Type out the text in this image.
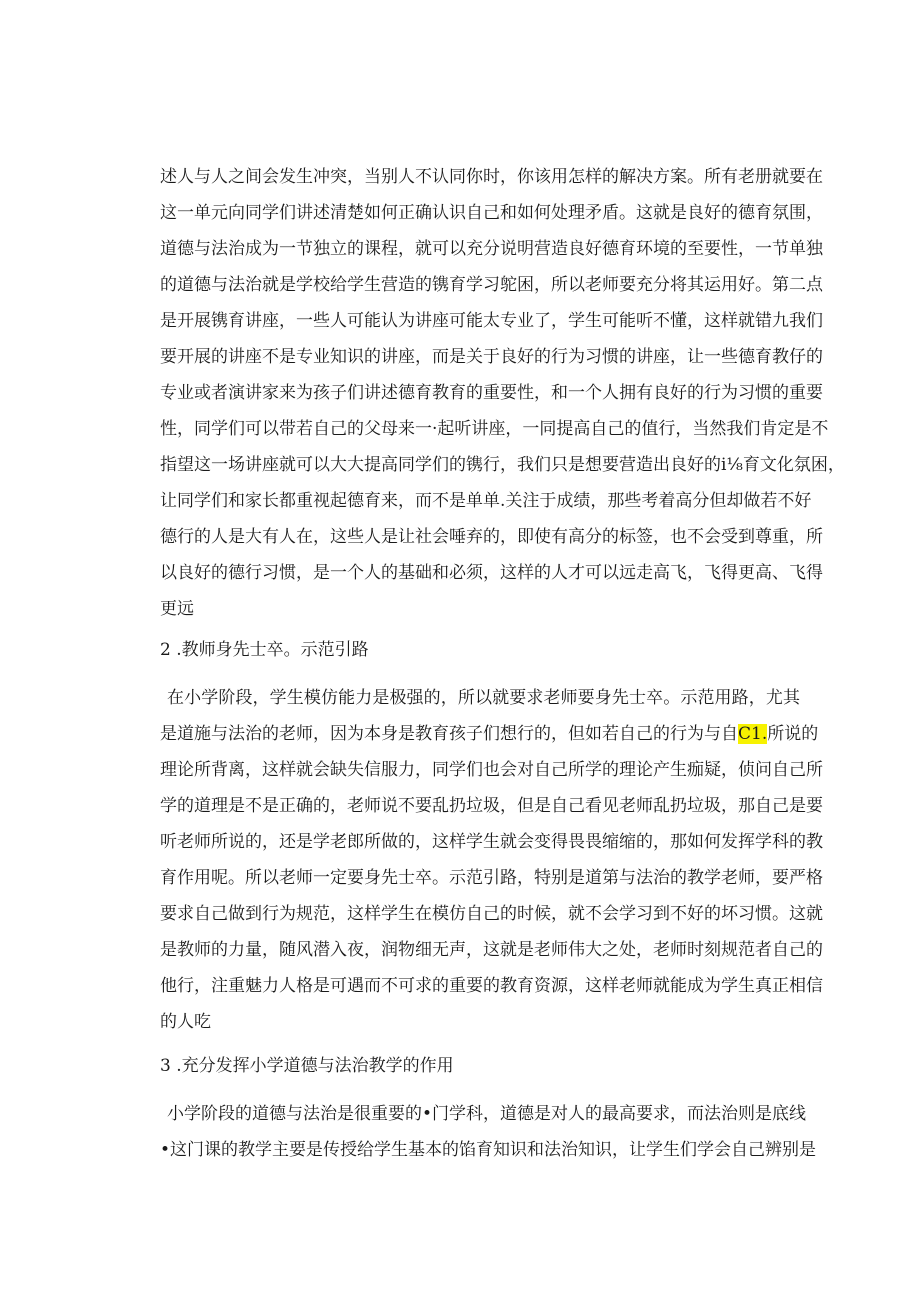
述人与人之间会发生冲突，当别人不认同你时，你该用怎样的解决方案。所有老册就要在
这一单元向同学们讲述清楚如何正确认识自己和如何处理矛盾。这就是良好的德育氛围，
道德与法治成为一节独立的课程，就可以充分说明营造良好德育环境的至要性，一节单独
的道德与法治就是学校给学生营造的镌育学习鸵困，所以老师要充分将其运用好。第二点
是开展镌育讲座，一些人可能认为讲座可能太专业了，学生可能听不懂，这样就错九我们
要开展的讲座不是专业知识的讲座，而是关于良好的行为习惯的讲座，让一些德育教仔的
专业或者演讲家来为孩子们讲述德育教育的重要性，和一个人拥有良好的行为习惯的重要
性，同学们可以带若自己的父母来一·起听讲座，一同提高自己的值行，当然我们肯定是不
指望这一场讲座就可以大大提高同学们的镌行，我们只是想要营造出良好的i⅛育文化氛困，
让同学们和家长都重视起德育来，而不是单单.关注于成绩，那些考着高分但却做若不好
德行的人是大有人在，这些人是让社会唾弃的，即使有高分的标签，也不会受到尊重，所
以良好的德行习惯，是一个人的基础和必须，这样的人才可以远走高飞，飞得更高、飞得
更远
2 .教师身先士卒。示范引路
在小学阶段，学生模仿能力是极强的，所以就要求老师要身先士卒。示范用路，尤其
是道施与法治的老师，因为本身是教育孩子们想行的，但如若自己的行为与自C1.所说的
理论所背离，这样就会缺失信服力，同学们也会对自己所学的理论产生痂疑，侦问自己所
学的道理是不是正确的，老师说不要乱扔垃圾，但是自己看见老师乱扔垃圾，那自己是要
听老师所说的，还是学老郎所做的，这样学生就会变得畏畏缩缩的，那如何发挥学科的教
育作用呢。所以老师一定要身先士卒。示范引路，特别是道第与法治的教学老师，要严格
要求自己做到行为规范，这样学生在模仿自己的时候，就不会学习到不好的坏习惯。这就
是教师的力量，随风潜入夜，润物细无声，这就是老师伟大之处，老师时刻规范者自己的
他行，注重魅力人格是可遇而不可求的重要的教育资源，这样老师就能成为学生真正相信
的人吃
3 .充分发挥小学道德与法治教学的作用
小学阶段的道德与法治是很重要的•门学科，道德是对人的最高要求，而法治则是底线
•这门课的教学主要是传授给学生基本的馅育知识和法治知识，让学生们学会自己辨别是
